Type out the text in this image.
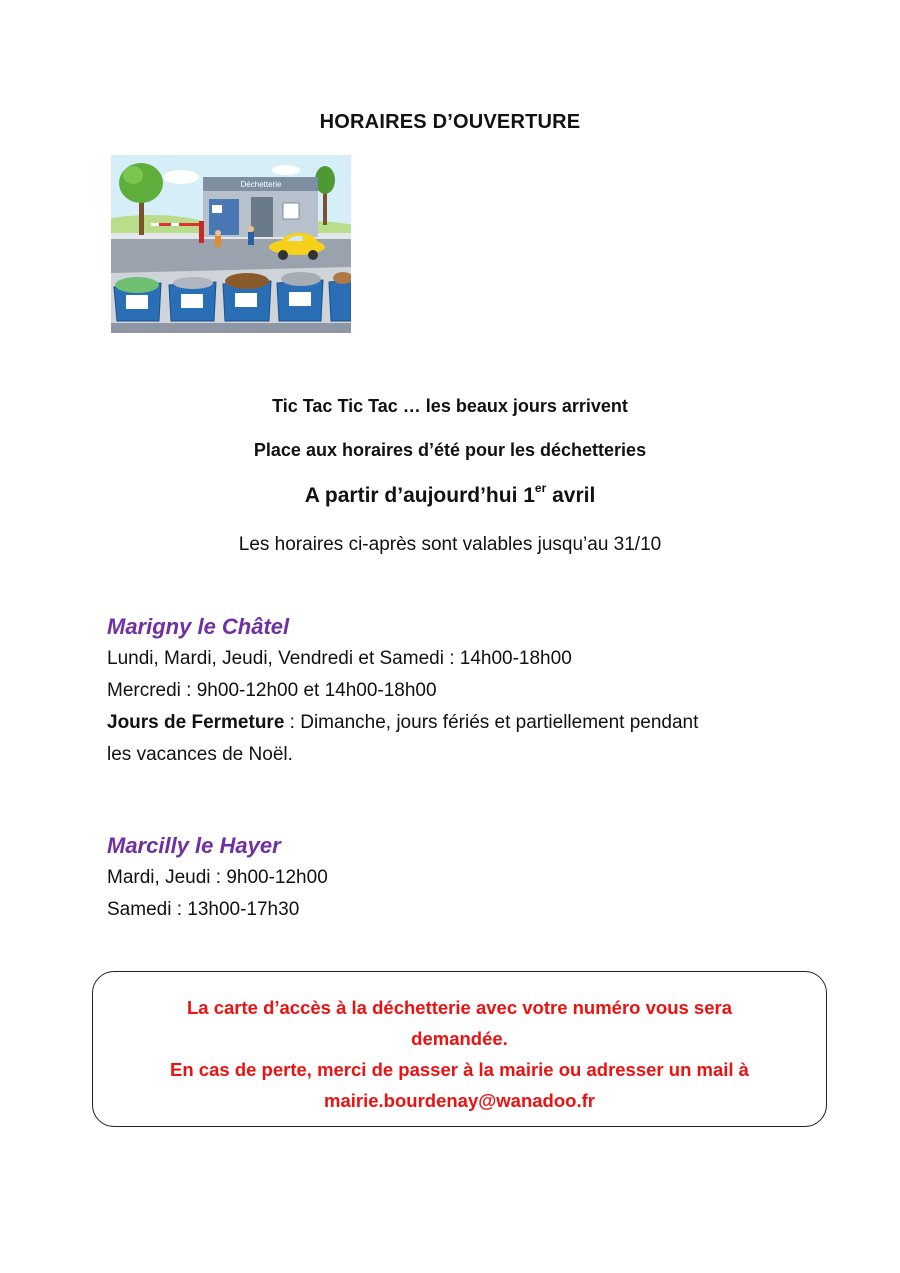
HORAIRES D’OUVERTURE
Déchetterie
Tic Tac Tic Tac … les beaux jours arrivent
Place aux horaires d’été pour les déchetteries
A partir d’aujourd’hui 1er avril
Les horaires ci-après sont valables jusqu’au 31/10
Marigny le Châtel
Lundi, Mardi, Jeudi, Vendredi et Samedi : 14h00-18h00
Mercredi : 9h00-12h00 et 14h00-18h00
Jours de Fermeture : Dimanche, jours fériés et partiellement pendant
les vacances de Noël.
Marcilly le Hayer
Mardi, Jeudi : 9h00-12h00
Samedi : 13h00-17h30
La carte d’accès à la déchetterie avec votre numéro vous sera
demandée.
En cas de perte, merci de passer à la mairie ou adresser un mail à
mairie.bourdenay@wanadoo.fr
